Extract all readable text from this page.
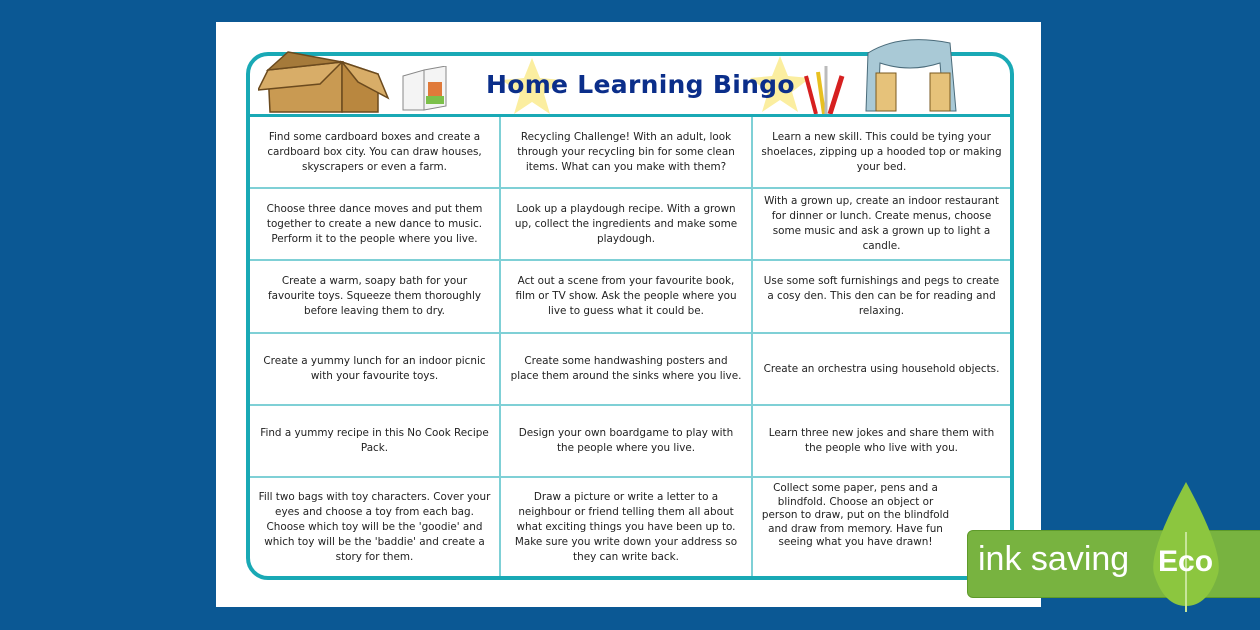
Home Learning Bingo
Find some cardboard boxes and create a cardboard box city. You can draw houses, skyscrapers or even a farm.
Recycling Challenge! With an adult, look through your recycling bin for some clean items. What can you make with them?
Learn a new skill. This could be tying your shoelaces, zipping up a hooded top or making your bed.
Choose three dance moves and put them together to create a new dance to music. Perform it to the people where you live.
Look up a playdough recipe. With a grown up, collect the ingredients and make some playdough.
With a grown up, create an indoor restaurant for dinner or lunch. Create menus, choose some music and ask a grown up to light a candle.
Create a warm, soapy bath for your favourite toys. Squeeze them thoroughly before leaving them to dry.
Act out a scene from your favourite book, film or TV show. Ask the people where you live to guess what it could be.
Use some soft furnishings and pegs to create a cosy den. This den can be for reading and relaxing.
Create a yummy lunch for an indoor picnic with your favourite toys.
Create some handwashing posters and place them around the sinks where you live.
Create an orchestra using household objects.
Find a yummy recipe in this No Cook Recipe Pack.
Design your own boardgame to play with the people where you live.
Learn three new jokes and share them with the people who live with you.
Fill two bags with toy characters. Cover your eyes and choose a toy from each bag. Choose which toy will be the 'goodie' and which toy will be the 'baddie' and create a story for them.
Draw a picture or write a letter to a neighbour or friend telling them all about what exciting things you have been up to. Make sure you write down your address so they can write back.
Collect some paper, pens and a blindfold. Choose an object or person to draw, put on the blindfold and draw from memory. Have fun seeing what you have drawn!	ink saving Eco
